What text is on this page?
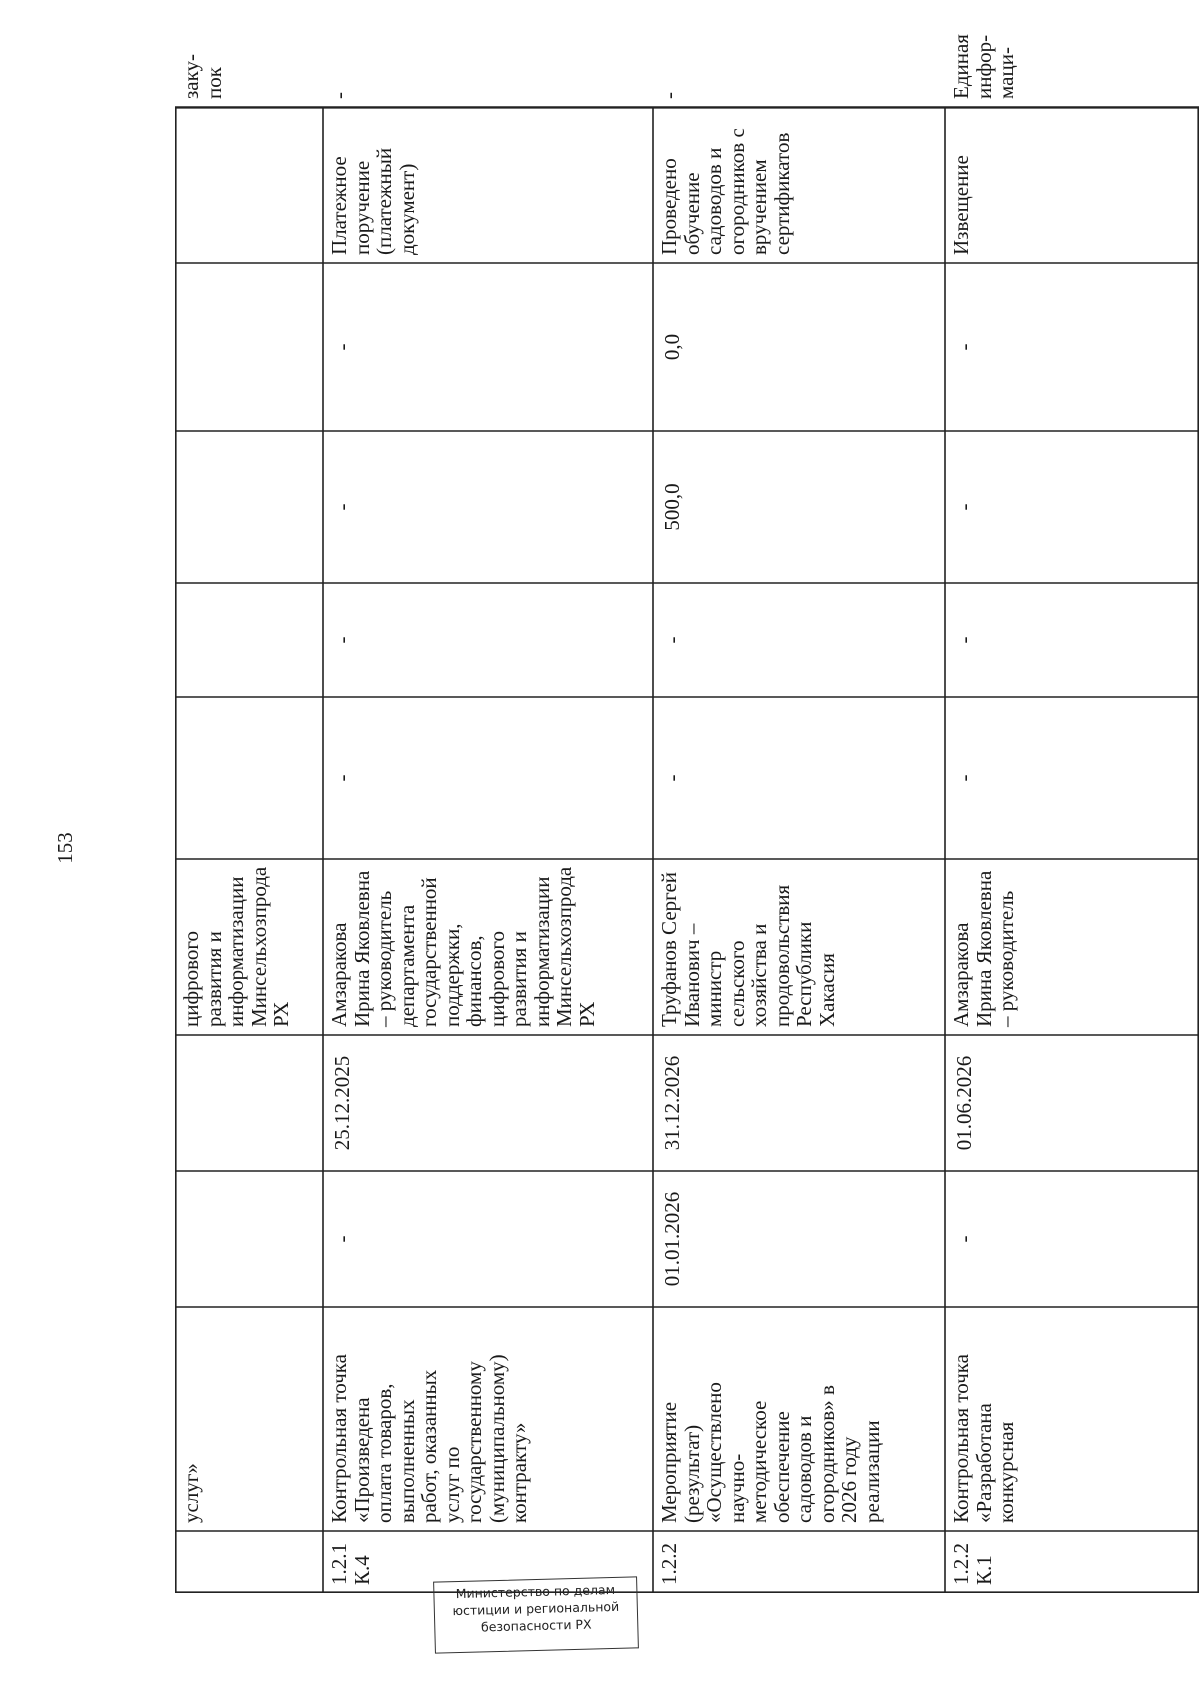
153
услуг»
цифрового
развития и
информатизации
Минсельхозпрода
РХ
заку-
пок
1.2.1
К.4
Контрольная точка
«Произведена
оплата товаров,
выполненных
работ, оказанных
услуг по
государственному
(муниципальному)
контракту»
-
25.12.2025
Амзаракова
Ирина Яковлевна
– руководитель
департамента
государственной
поддержки,
финансов,
цифрового
развития и
информатизации
Минсельхозпрода
РХ
-
-
-
-
Платежное
поручение
(платежный
документ)
-
1.2.2
Мероприятие
(результат)
«Осуществлено
научно-
методическое
обеспечение
садоводов и
огородников» в
2026 году
реализации
01.01.2026
31.12.2026
Труфанов Сергей
Иванович –
министр
сельского
хозяйства и
продовольствия
Республики
Хакасия
-
-
500,0
0,0
Проведено
обучение
садоводов и
огородников с
вручением
сертификатов
-
1.2.2
К.1
Контрольная точка
«Разработана
конкурсная
-
01.06.2026
Амзаракова
Ирина Яковлевна
– руководитель
-
-
-
-
Извещение
Единая
инфор-
маци-
Министерство по делам
юстиции и региональной
безопасности РХ
